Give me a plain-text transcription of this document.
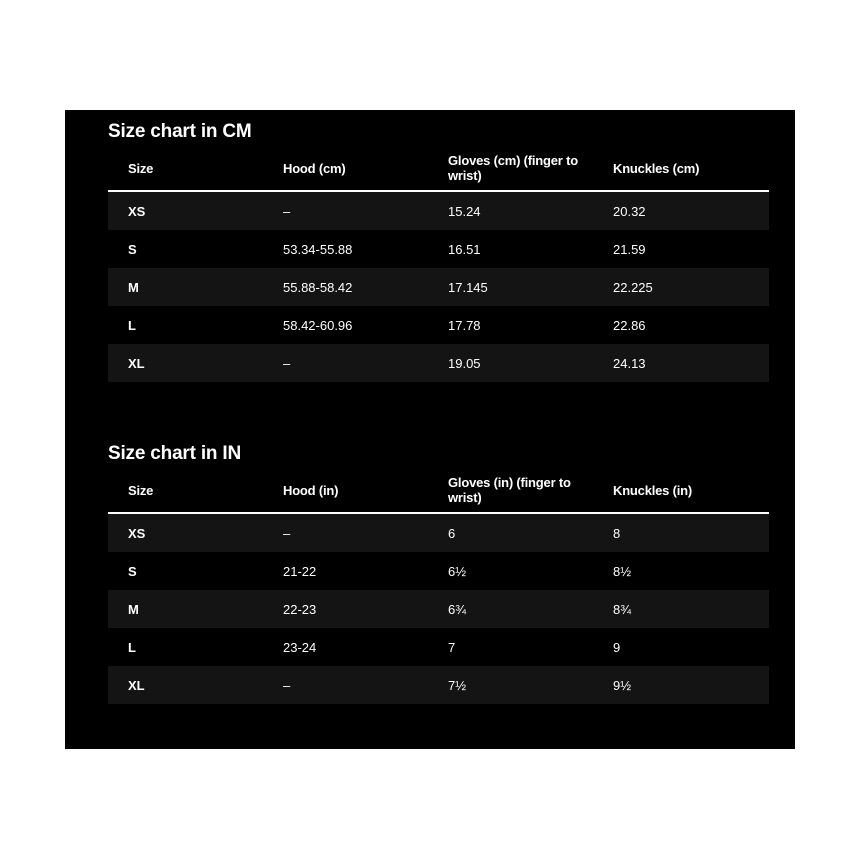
Size chart in CM
Size	Hood (cm)	Gloves (cm) (finger to wrist)	Knuckles (cm)
XS	–	15.24	20.32
S	53.34-55.88	16.51	21.59
M	55.88-58.42	17.145	22.225
L	58.42-60.96	17.78	22.86
XL	–	19.05	24.13
Size chart in IN
Size	Hood (in)	Gloves (in) (finger to wrist)	Knuckles (in)
XS	–	6	8
S	21-22	6½	8½
M	22-23	6¾	8¾
L	23-24	7	9
XL	–	7½	9½
